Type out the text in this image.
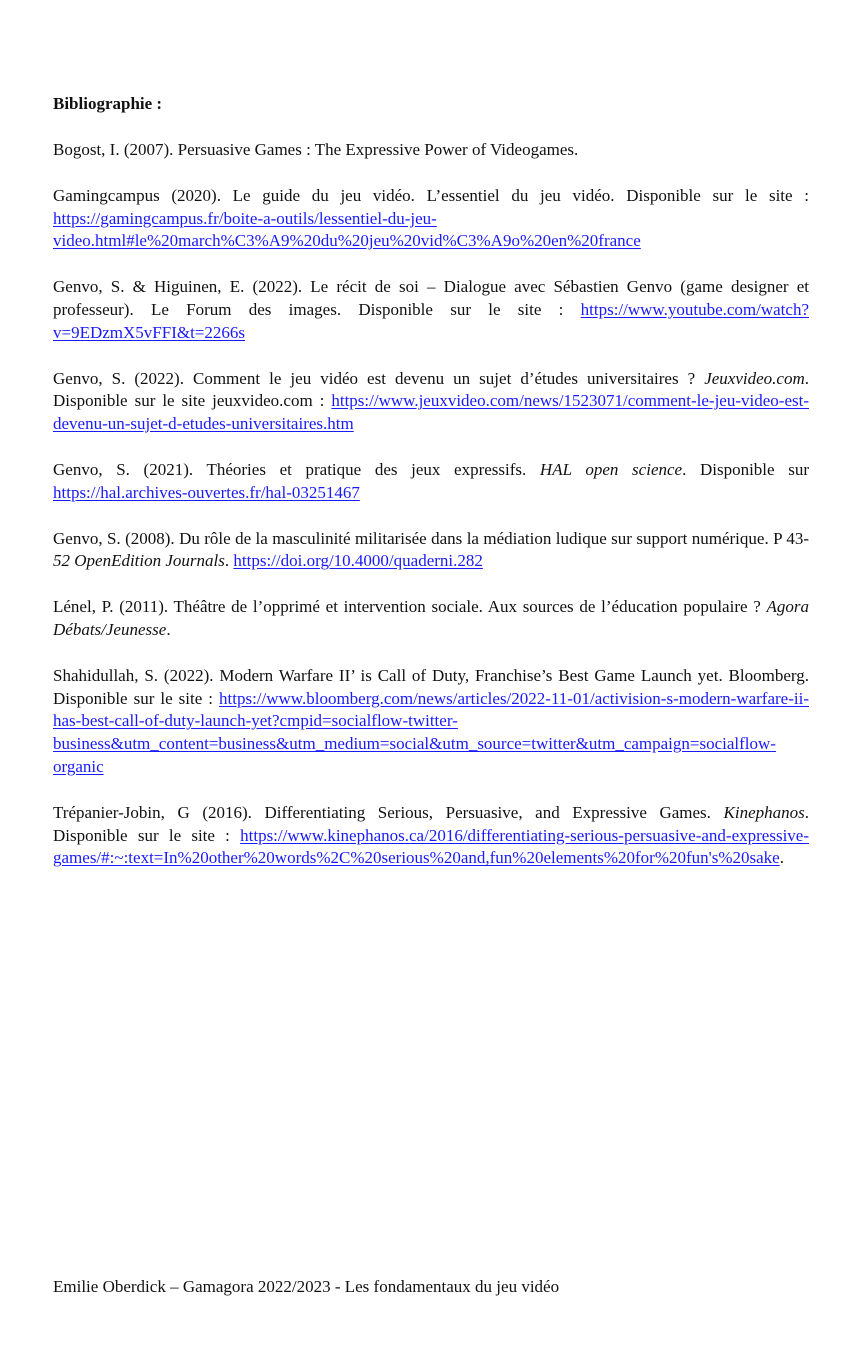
Bibliographie :
Bogost, I. (2007). Persuasive Games : The Expressive Power of Videogames.
Gamingcampus (2020). Le guide du jeu vidéo. L’essentiel du jeu vidéo. Disponible sur le site : https://gamingcampus.fr/boite-a-outils/lessentiel-du-jeu-video.html#le%20march%C3%A9%20du%20jeu%20vid%C3%A9o%20en%20france
Genvo, S. & Higuinen, E. (2022). Le récit de soi – Dialogue avec Sébastien Genvo (game designer et professeur). Le Forum des images. Disponible sur le site : https://www.youtube.com/watch?v=9EDzmX5vFFI&t=2266s
Genvo, S. (2022). Comment le jeu vidéo est devenu un sujet d’études universitaires ? Jeuxvideo.com. Disponible sur le site jeuxvideo.com : https://www.jeuxvideo.com/news/1523071/comment-le-jeu-video-est-devenu-un-sujet-d-etudes-universitaires.htm
Genvo, S. (2021). Théories et pratique des jeux expressifs. HAL open science. Disponible sur https://hal.archives-ouvertes.fr/hal-03251467
Genvo, S. (2008). Du rôle de la masculinité militarisée dans la médiation ludique sur support numérique. P 43-52 OpenEdition Journals. https://doi.org/10.4000/quaderni.282
Lénel, P. (2011). Théâtre de l’opprimé et intervention sociale. Aux sources de l’éducation populaire ? Agora Débats/Jeunesse.
Shahidullah, S. (2022). Modern Warfare II’ is Call of Duty, Franchise’s Best Game Launch yet. Bloomberg. Disponible sur le site : https://www.bloomberg.com/news/articles/2022-11-01/activision-s-modern-warfare-ii-has-best-call-of-duty-launch-yet?cmpid=socialflow-twitter-business&utm_content=business&utm_medium=social&utm_source=twitter&utm_campaign=socialflow-organic
Trépanier-Jobin, G (2016). Differentiating Serious, Persuasive, and Expressive Games. Kinephanos. Disponible sur le site : https://www.kinephanos.ca/2016/differentiating-serious-persuasive-and-expressive-games/#:~:text=In%20other%20words%2C%20serious%20and,fun%20elements%20for%20fun's%20sake.
Emilie Oberdick – Gamagora 2022/2023 - Les fondamentaux du jeu vidéo
